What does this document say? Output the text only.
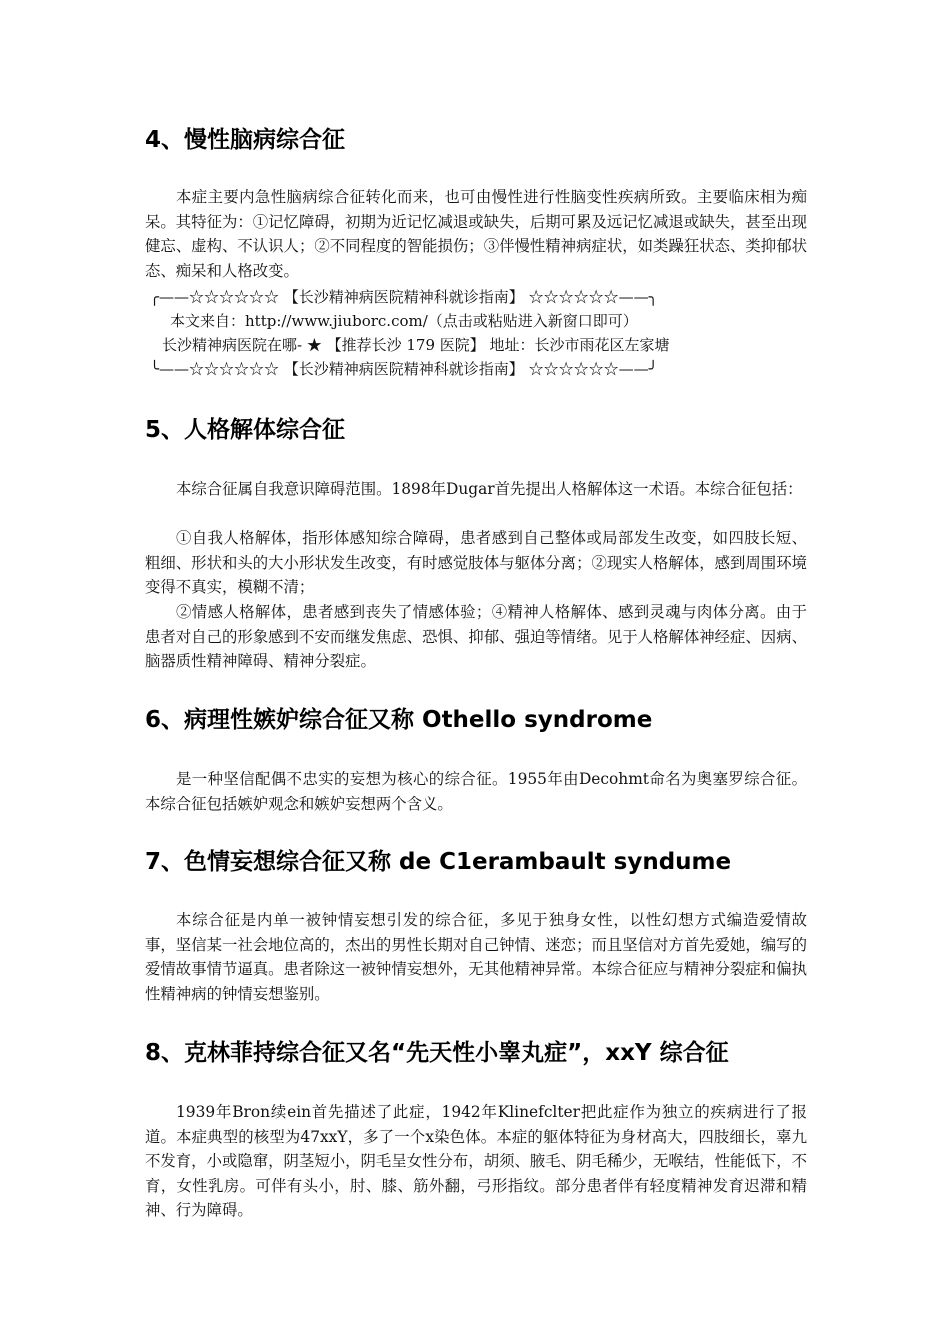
4、慢性脑病综合征

本症主要内急性脑病综合征转化而来，也可由慢性进行性脑变性疾病所致。主要临床相为痴呆。其特征为：①记忆障碍，初期为近记忆减退或缺失，后期可累及远记忆减退或缺失，甚至出现健忘、虚构、不认识人；②不同程度的智能损伤；③伴慢性精神病症状，如类躁狂状态、类抑郁状态、痴呆和人格改变。

╭——☆☆☆☆☆☆ 【长沙精神病医院精神科就诊指南】 ☆☆☆☆☆☆——╮
本文来自：http://www.jiuborc.com/（点击或粘贴进入新窗口即可）
长沙精神病医院在哪- ★ 【推荐长沙 179 医院】 地址：长沙市雨花区左家塘
╰——☆☆☆☆☆☆ 【长沙精神病医院精神科就诊指南】 ☆☆☆☆☆☆——╯
5、人格解体综合征

本综合征属自我意识障碍范围。1898年Dugar首先提出人格解体这一术语。本综合征包括：

①自我人格解体，指形体感知综合障碍，患者感到自己整体或局部发生改变，如四肢长短、粗细、形状和头的大小形状发生改变，有时感觉肢体与躯体分离；②现实人格解体，感到周围环境变得不真实，模糊不清；

②情感人格解体，患者感到丧失了情感体验；④精神人格解体、感到灵魂与肉体分离。由于患者对自己的形象感到不安而继发焦虑、恐惧、抑郁、强迫等情绪。见于人格解体神经症、因病、脑器质性精神障碍、精神分裂症。

6、病理性嫉妒综合征又称 Othello syndrome

是一种坚信配偶不忠实的妄想为核心的综合征。1955年由Decohmt命名为奥塞罗综合征。本综合征包括嫉妒观念和嫉妒妄想两个含义。

7、色情妄想综合征又称 de C1erambault syndume

本综合征是内单一被钟情妄想引发的综合征，多见于独身女性，以性幻想方式编造爱情故事，坚信某一社会地位高的，杰出的男性长期对自己钟情、迷恋；而且坚信对方首先爱她，编写的爱情故事情节逼真。患者除这一被钟情妄想外，无其他精神异常。本综合征应与精神分裂症和偏执性精神病的钟情妄想鉴别。

8、克林菲持综合征又名“先天性小睾丸症”，xxY 综合征

1939年Bron续ein首先描述了此症，1942年Klinefclter把此症作为独立的疾病进行了报道。本症典型的核型为47xxY，多了一个x染色体。本症的躯体特征为身材高大，四肢细长，辜九不发育，小或隐窜，阴茎短小，阴毛呈女性分布，胡须、腋毛、阴毛稀少，无喉结，性能低下，不育，女性乳房。可伴有头小，肘、膝、筋外翻，弓形指纹。部分患者伴有轻度精神发育迟滞和精神、行为障碍。
